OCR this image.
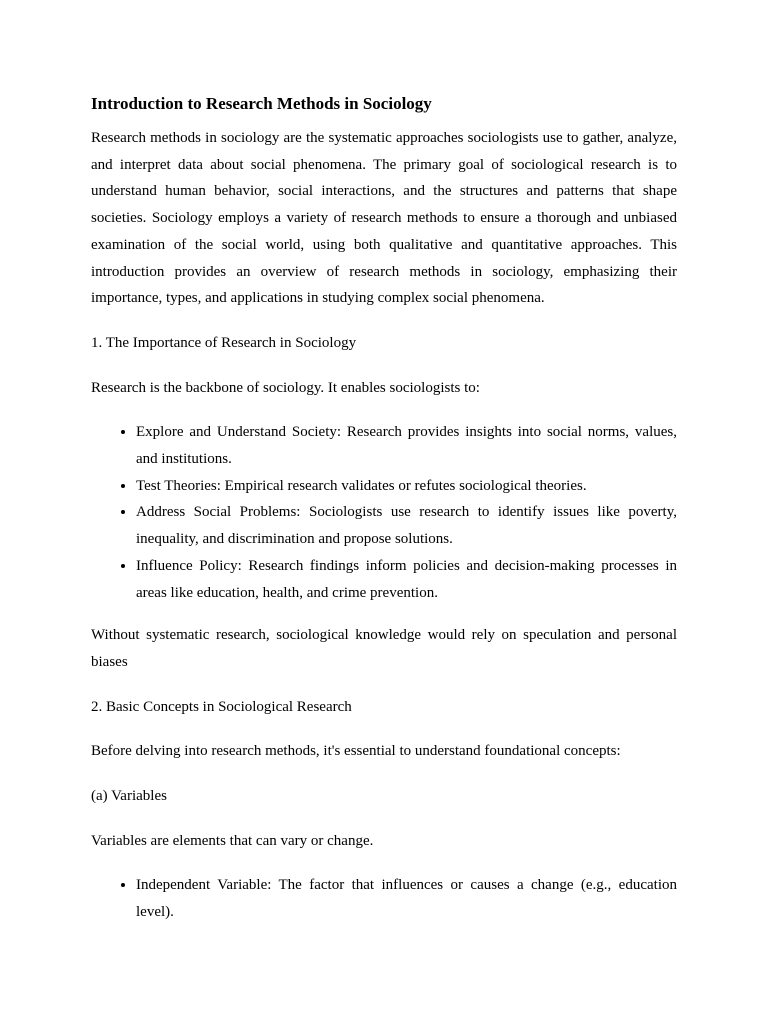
Introduction to Research Methods in Sociology

Research methods in sociology are the systematic approaches sociologists use to gather, analyze, and interpret data about social phenomena. The primary goal of sociological research is to understand human behavior, social interactions, and the structures and patterns that shape societies. Sociology employs a variety of research methods to ensure a thorough and unbiased examination of the social world, using both qualitative and quantitative approaches. This introduction provides an overview of research methods in sociology, emphasizing their importance, types, and applications in studying complex social phenomena.

1. The Importance of Research in Sociology

Research is the backbone of sociology. It enables sociologists to:

• Explore and Understand Society: Research provides insights into social norms, values, and institutions.
• Test Theories: Empirical research validates or refutes sociological theories.
• Address Social Problems: Sociologists use research to identify issues like poverty, inequality, and discrimination and propose solutions.
• Influence Policy: Research findings inform policies and decision-making processes in areas like education, health, and crime prevention.

Without systematic research, sociological knowledge would rely on speculation and personal biases

2. Basic Concepts in Sociological Research

Before delving into research methods, it's essential to understand foundational concepts:

(a) Variables

Variables are elements that can vary or change.

• Independent Variable: The factor that influences or causes a change (e.g., education level).
